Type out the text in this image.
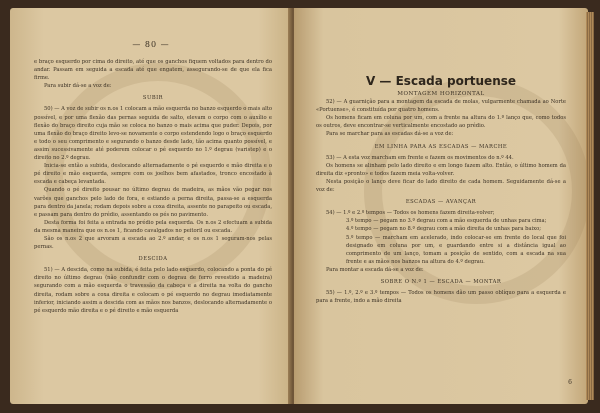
— 80 —

e braço esquerdo por cima do direito, até que os ganchos fiquem voltados para dentro do andar. Passam em seguida a escada até que engatem, assegurando-se de que ela fica firme.

Para subir dá-se a voz de:

SUBIR

50) — A voz de subir os n.os 1 colocam a mão esquerda no banzo esquerdo o mais alto possível, e por uma flexão das pernas seguida de salto, elevam o corpo com o auxílio e flexão do braço direito cuja mão se coloca no banzo o mais acima que puder. Depois, por uma flexão do braço direito levo-se novamente o corpo estendendo logo o braço esquerdo e todo o seu comprimento e segurando o banzo desde lado, tão acima quanto possível, e assim sucessivamente até poderem colocar o pé esquerdo no 1.º degrau (varistep) e o direito no 2.º degrau.

Inicia-se então a subida, deslocando alternadamente o pé esquerdo e mão direita e o pé direito e mão esquerda, sempre com os joelhos bem afastados, tronco encostado à escada e cabeça levantada.

Quando o pé direito pousar no último degrau de madeira, as mãos vão pegar nos varões que ganchos pelo lado de fora, e estiando a perna direita, passa-se a esquerda para dentro da janela; rodam depois sobre a coxa direita, assente no parapeito ou escada, e passam para dentro do prédio, assentando os pés no pavimento.

Desta forma foi feita a entrada no prédio pela esquerda. Os n.os 2 efectuam a subida da mesma maneira que os n.os 1, ficando cavalgados no peitoril ou escada.

São os n.os 2 que arvoram a escada ao 2.º andar, e os n.os 1 seguram-nos pelas pernas.

DESCIDA

51) — A descida, como na subida, é feita pelo lado esquerdo, colocando a ponta do pé direito no último degrau (não confundir com o degrau de ferro revestido a madeira) segurando com a mão esquerda o travessão da cabeça e a direita na volta do gancho direita, rodam sobre a coxa direita e colocam o pé esquerdo no degrau imediatamente inferior, iniciando assim a descida com as mãos nos banzos, deslocando alternadamente o pé esquerdo mão direita e o pé direito e mão esquerda

V — Escada portuense

MONTAGEM HORIZONTAL

52) — A guarnição para a montagem da escada de molas, vulgarmente chamada ao Norte «Portuense», é constituída por quatro homens.

Os homens ficam em coluna por um, com a frente na altura do 1.º lanço que, como todos os outros, deve encontrar-se verticalmente encostado ao prédio.

Para se marchar para as escadas dá-se a voz de:

EM LINHA PARA AS ESCADAS — MARCHE

53) — A esta voz marcham em frente e fazem os movimentos do n.º 44.

Os homens se alinham pelo lado direito e em longo fazem alto. Então, o último homem da direita diz «pronto» e todos fazem meia volta-volver.

Nesta posição o lanço deve ficar do lado direito de cada homem. Seguidamente dá-se a voz de:

ESCADAS — AVANÇAR

54) — 1.º e 2.º tempos — Todos os homens fazem direita-volver;

3.º tempo — pegam no 3.º degrau com a mão esquerda de unhas para cima;

4.º tempo — pegam no 8.º degrau com a mão direita de unhas para baixo;

5.º tempo — marcham em acelerado, indo colocar-se em frente do local que foi designado em coluna por um, e guardando entre si a distância igual ao comprimento de um lanço, tomam a posição de sentido, com a escada na sua frente e as mãos nos banzos na altura do 4.º degrau.

Para montar a escada dá-se a voz de:

SOBRE O N.º 1 — ESCADA — MONTAR

55) — 1.º, 2.º e 3.º tempos — Todos os homens dão um passo oblíquo para a esquerda e para a frente, indo a mão direita

6
